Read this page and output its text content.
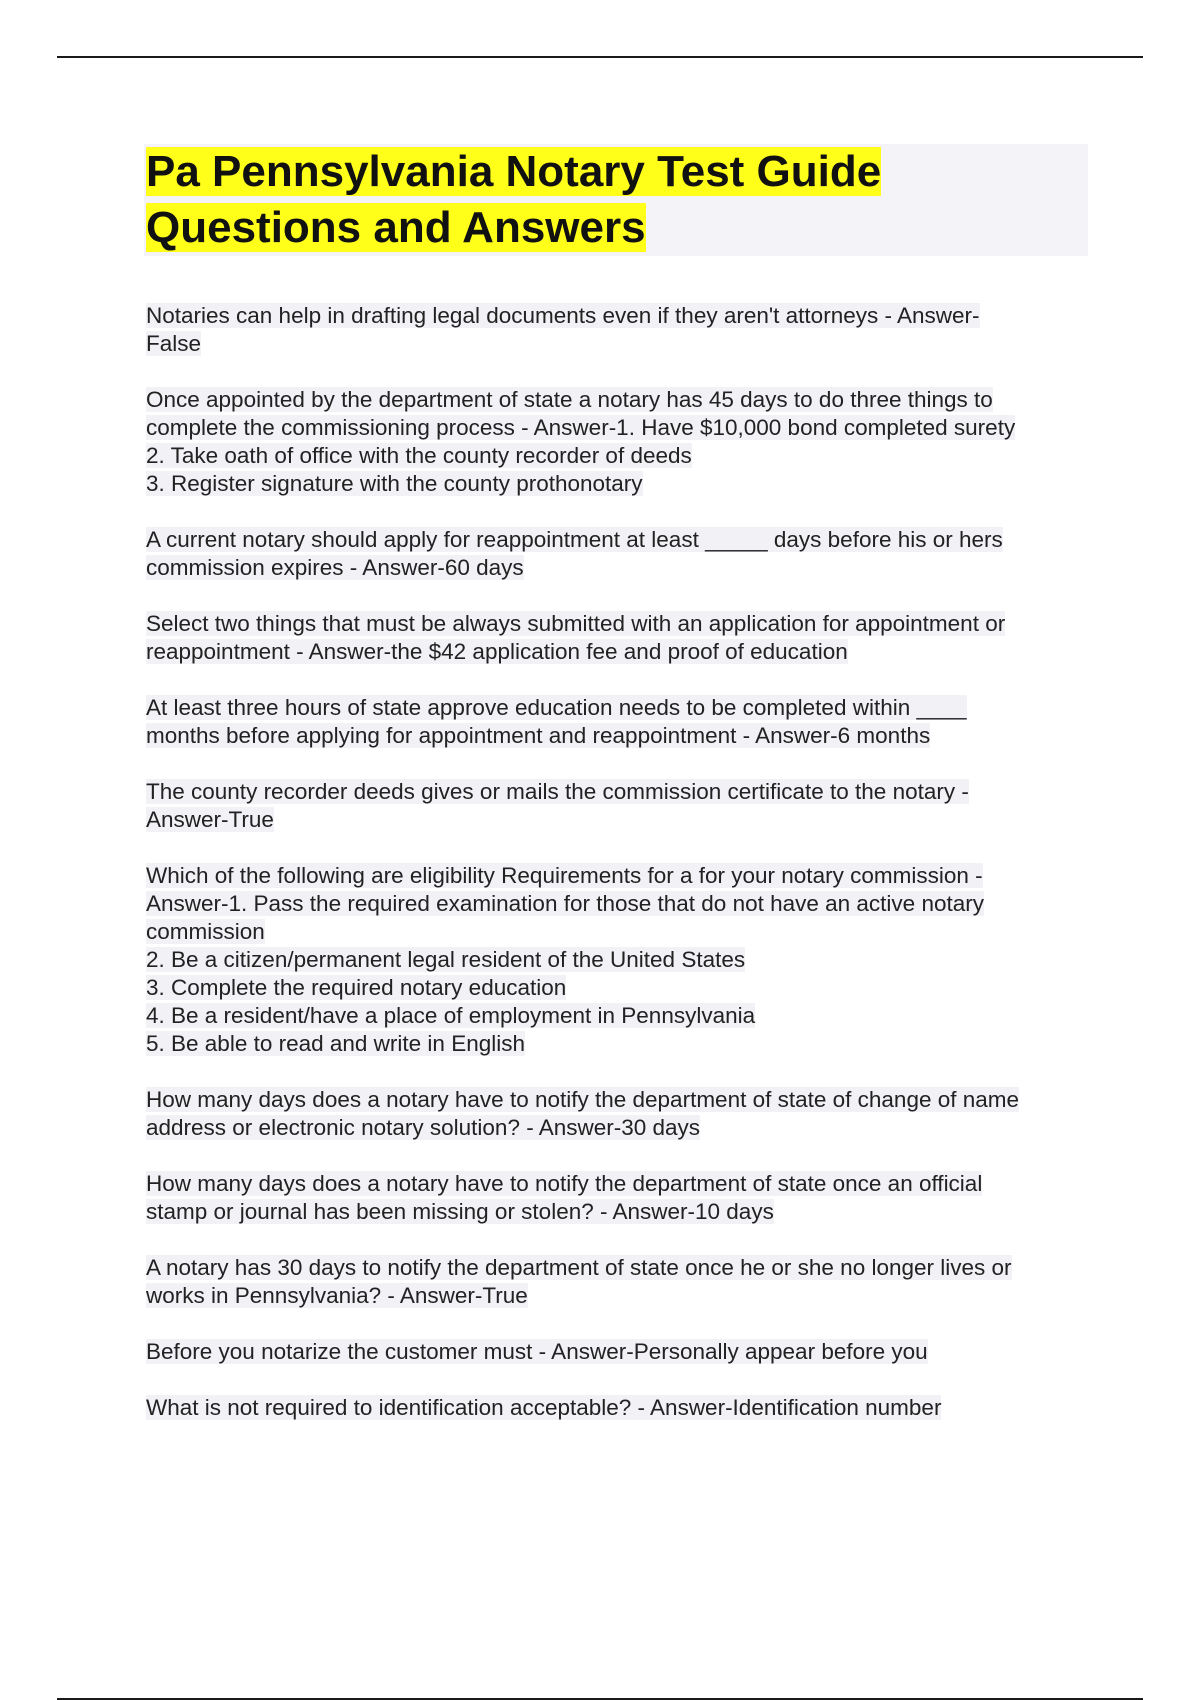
Pa Pennsylvania Notary Test Guide
Questions and Answers
Notaries can help in drafting legal documents even if they aren't attorneys - Answer-
False
Once appointed by the department of state a notary has 45 days to do three things to
complete the commissioning process - Answer-1. Have $10,000 bond completed surety
2. Take oath of office with the county recorder of deeds
3. Register signature with the county prothonotary
A current notary should apply for reappointment at least _____ days before his or hers
commission expires - Answer-60 days
Select two things that must be always submitted with an application for appointment or
reappointment - Answer-the $42 application fee and proof of education
At least three hours of state approve education needs to be completed within ____
months before applying for appointment and reappointment - Answer-6 months
The county recorder deeds gives or mails the commission certificate to the notary -
Answer-True
Which of the following are eligibility Requirements for a for your notary commission -
Answer-1. Pass the required examination for those that do not have an active notary
commission
2. Be a citizen/permanent legal resident of the United States
3. Complete the required notary education
4. Be a resident/have a place of employment in Pennsylvania
5. Be able to read and write in English
How many days does a notary have to notify the department of state of change of name
address or electronic notary solution? - Answer-30 days
How many days does a notary have to notify the department of state once an official
stamp or journal has been missing or stolen? - Answer-10 days
A notary has 30 days to notify the department of state once he or she no longer lives or
works in Pennsylvania? - Answer-True
Before you notarize the customer must - Answer-Personally appear before you
What is not required to identification acceptable? - Answer-Identification number
